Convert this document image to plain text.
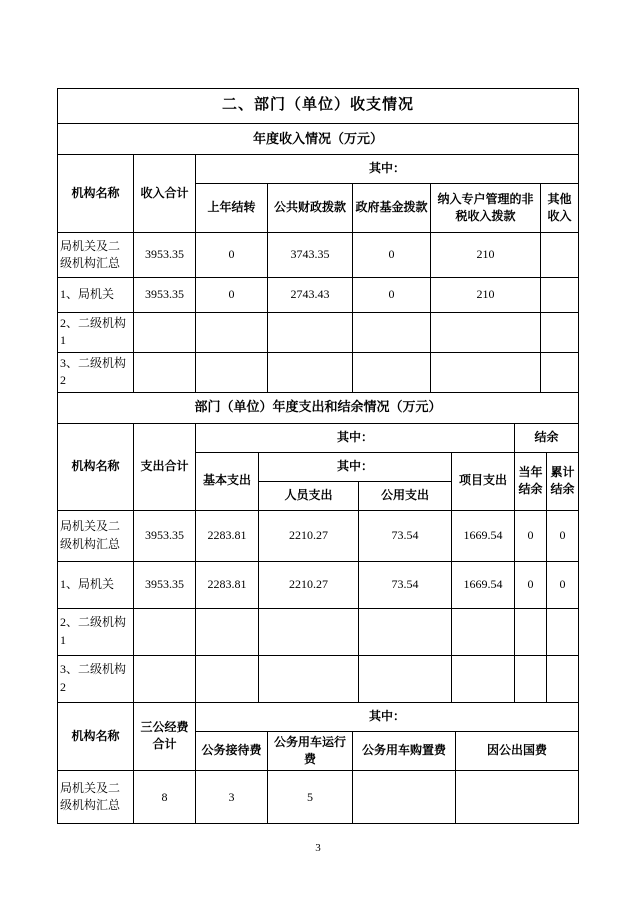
二、部门（单位）收支情况						
年度收入情况（万元）						
机构名称	收入合计	其中：				
		上年结转	公共财政拨款	政府基金拨款	纳入专户管理的非税收入拨款	其他收入
局机关及二级机构汇总	3953.35	0	3743.35	0	210	
1、局机关	3953.35	0	2743.43	0	210	
2、二级机构1						
3、二级机构2						
部门（单位）年度支出和结余情况（万元）							
机构名称	支出合计	其中：				结余	
		基本支出	其中：		项目支出	当年结余	累计结余
			人员支出	公用支出			
局机关及二级机构汇总	3953.35	2283.81	2210.27	73.54	1669.54	0	0
1、局机关	3953.35	2283.81	2210.27	73.54	1669.54	0	0
2、二级机构1							
3、二级机构2							
机构名称	三公经费合计	其中：			
		公务接待费	公务用车运行费	公务用车购置费	因公出国费
局机关及二级机构汇总	8	3	5		
3
